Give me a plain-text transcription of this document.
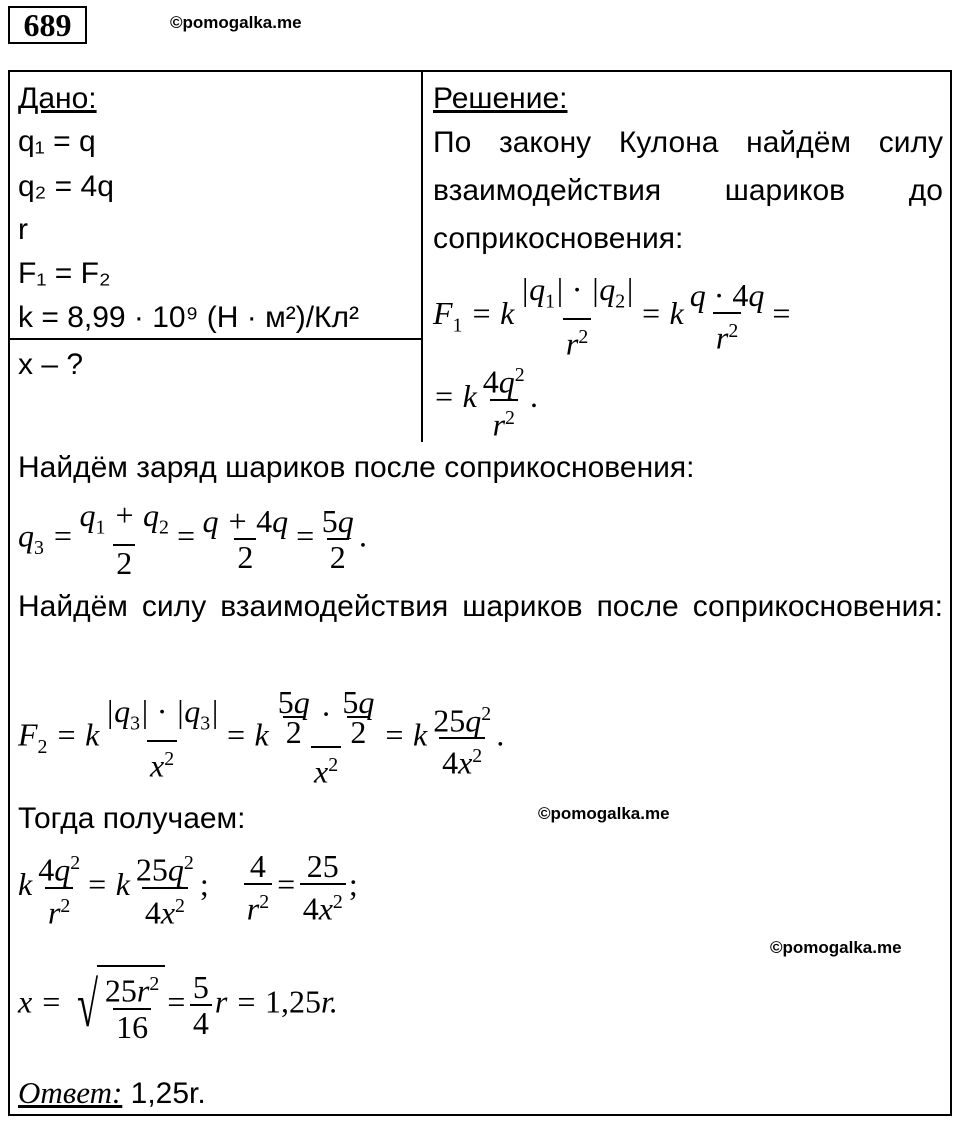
689	©pomogalka.me
Дано:
q₁ = q
q₂ = 4q
r
F₁ = F₂
k = 8,99 · 10⁹ (Н · м²)/Кл²
x – ?
Решение:
По закону Кулона найдём силу взаимодействия шариков до соприкосновения:
$F_1 = k \frac{|q_1| \cdot |q_2|}{r^2} = k \frac{q \cdot 4q}{r^2}$ =
= k $\frac{4q^2}{r^2}$ .
Найдём заряд шариков после соприкосновения:
$q_3 = \frac{q_1 + q_2}{2} = \frac{q + 4q}{2} = \frac{5q}{2}$ .
Найдём силу взаимодействия шариков после соприкосновения:
$F_2 = k \frac{|q_3| \cdot |q_3|}{x^2} = k \frac{\frac{5q}{2} \cdot \frac{5q}{2}}{x^2} = k \frac{25q^2}{4x^2}$ .
Тогда получаем:	©pomogalka.me
k $\frac{4q^2}{r^2} = k \frac{25q^2}{4x^2}$ ; $\frac{4}{r^2} = \frac{25}{4x^2}$ ;
©pomogalka.me
x = √ $\frac{25r^2}{16} = \frac{5}{4}$ r = 1,25r.
Ответ: 1,25r.
